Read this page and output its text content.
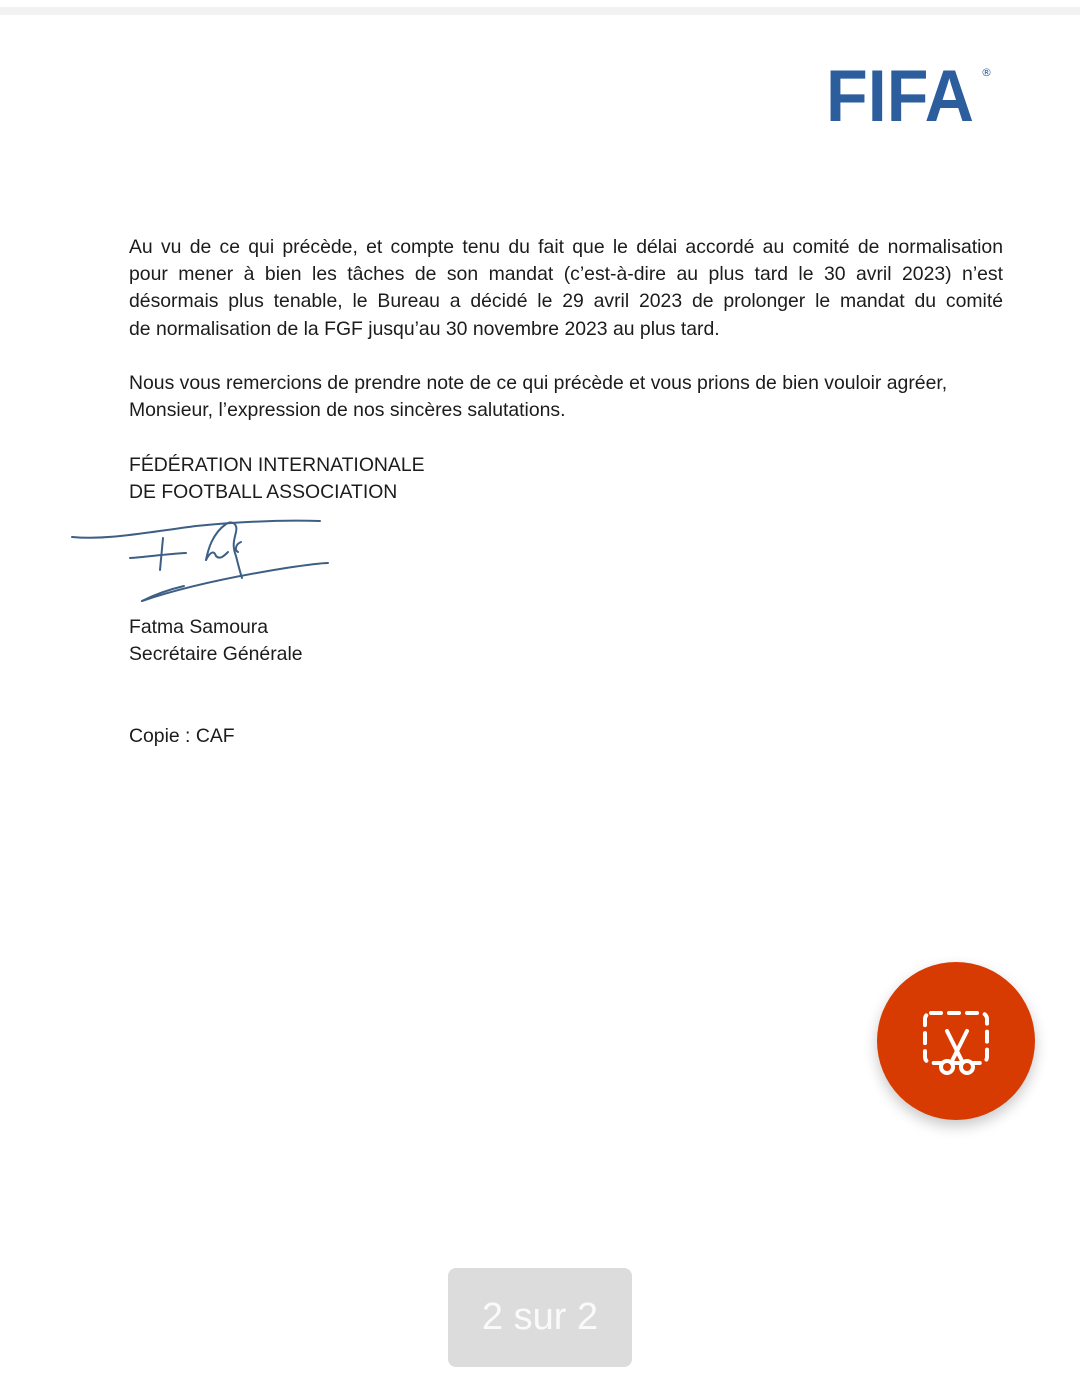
FIFA ®
Au vu de ce qui précède, et compte tenu du fait que le délai accordé au comité de normalisation
pour mener à bien les tâches de son mandat (c’est-à-dire au plus tard le 30 avril 2023) n’est
désormais plus tenable, le Bureau a décidé le 29 avril 2023 de prolonger le mandat du comité
de normalisation de la FGF jusqu’au 30 novembre 2023 au plus tard.
Nous vous remercions de prendre note de ce qui précède et vous prions de bien vouloir agréer,
Monsieur, l’expression de nos sincères salutations.
FÉDÉRATION INTERNATIONALE
DE FOOTBALL ASSOCIATION
Fatma Samoura
Secrétaire Générale
Copie : CAF
2 sur 2
